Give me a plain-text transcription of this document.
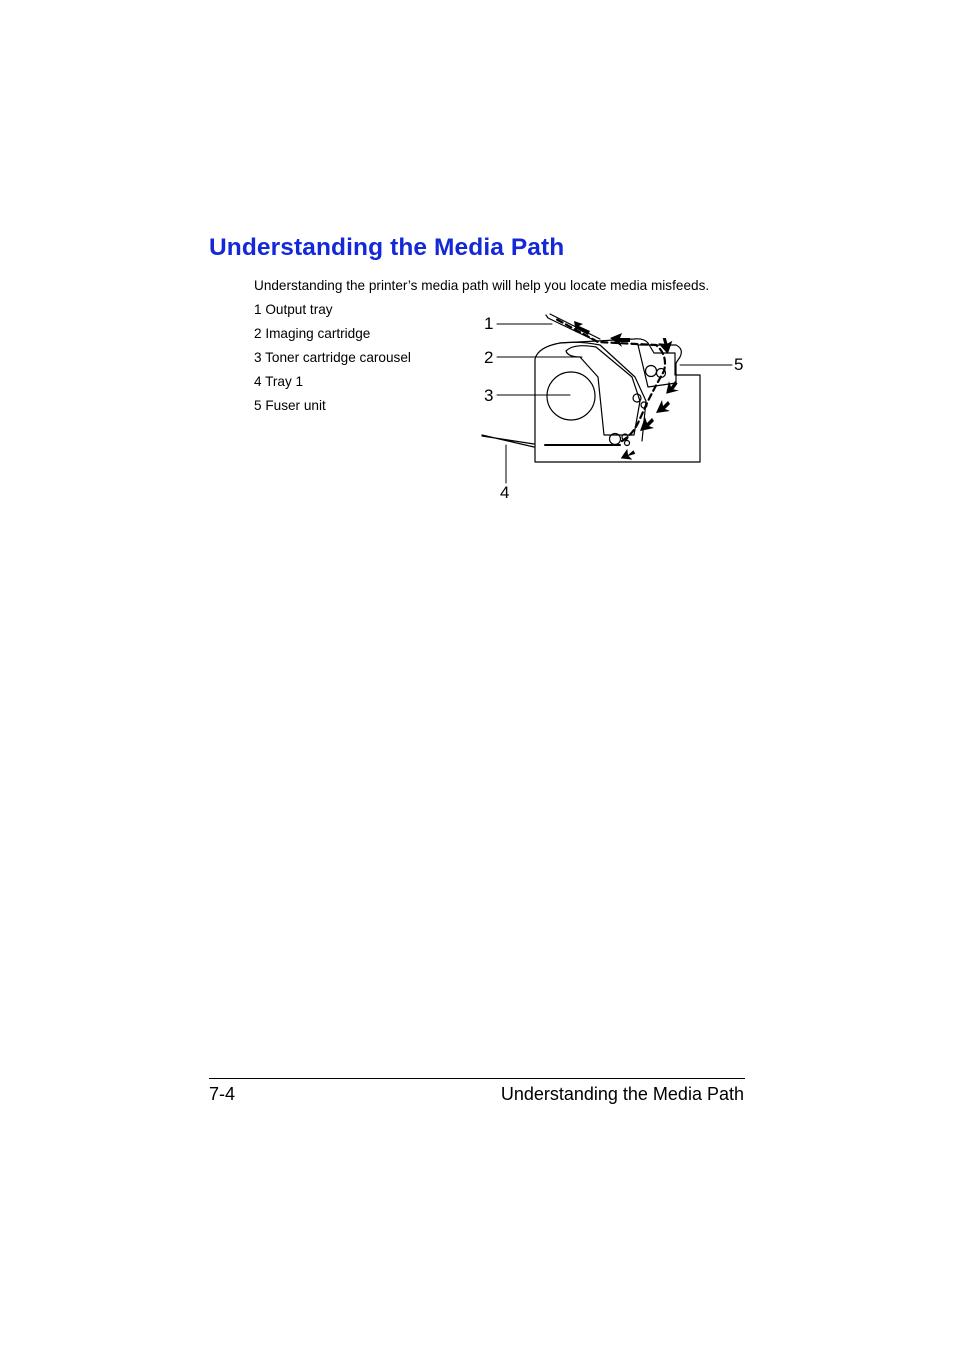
Understanding the Media Path

Understanding the printer’s media path will help you locate media misfeeds.

1 Output tray
2 Imaging cartridge
3 Toner cartridge carousel
4 Tray 1
5 Fuser unit
1
2
3
4
5
7-4	Understanding the Media Path
